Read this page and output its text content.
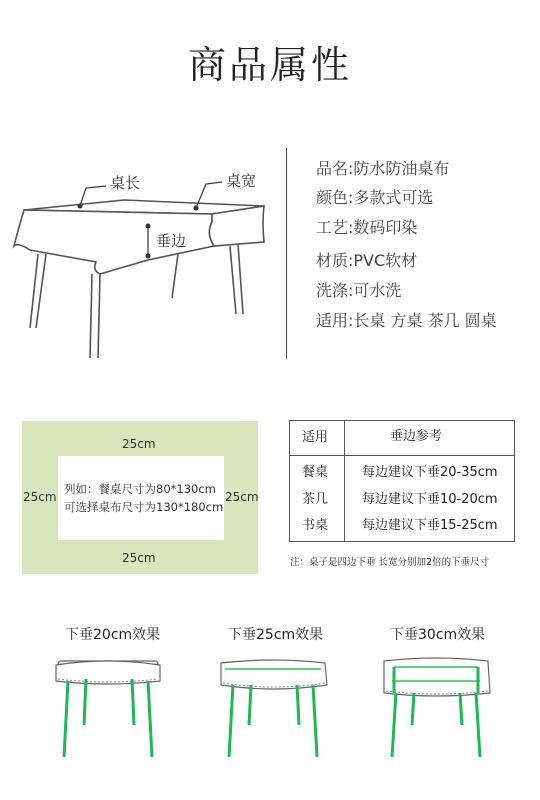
商品属性
桌长	桌宽
垂边
品名:防水防油桌布
颜色:多款式可选
工艺:数码印染
材质:PVC软材
洗涤:可水洗
适用:长桌 方桌 茶几 圆桌
25cm
25cm
25cm	25cm
列如：餐桌尺寸为80*130cm
可选择桌布尺寸为130*180cm
适用	垂边参考
餐桌	每边建议下垂20-35cm
茶几	每边建议下垂10-20cm
书桌	每边建议下垂15-25cm
注：桌子是四边下垂 长宽分别加2倍的下垂尺寸
下垂20cm效果	下垂25cm效果	下垂30cm效果
